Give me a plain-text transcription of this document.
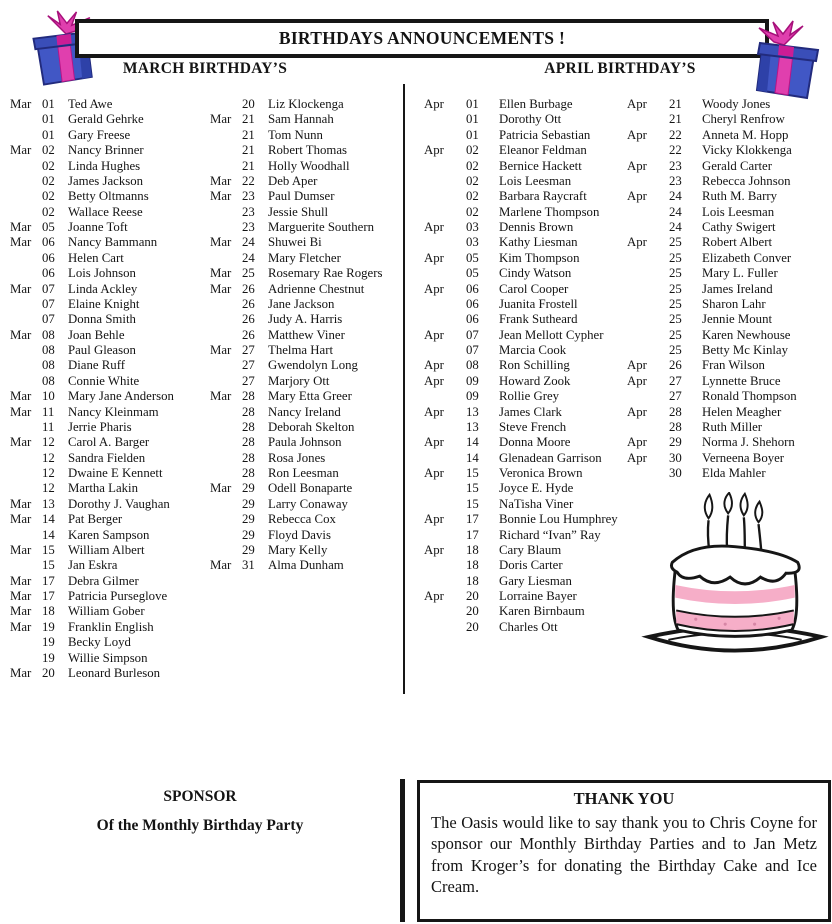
BIRTHDAYS ANNOUNCEMENTS !
MARCH BIRTHDAY’S	APRIL BIRTHDAY’S
Mar 01	Ted Awe
01	Gerald Gehrke
01	Gary Freese
Mar 02	Nancy Brinner
02	Linda Hughes
02	James Jackson
02	Betty Oltmanns
02	Wallace Reese
Mar 05	Joanne Toft
Mar 06	Nancy Bammann
06	Helen Cart
06	Lois Johnson
Mar 07	Linda Ackley
07	Elaine Knight
07	Donna Smith
Mar 08	Joan Behle
08	Paul Gleason
08	Diane Ruff
08	Connie White
Mar 10	Mary Jane Anderson
Mar 11	Nancy Kleinmam
11	Jerrie Pharis
Mar 12	Carol A. Barger
12	Sandra Fielden
12	Dwaine E Kennett
12	Martha Lakin
Mar 13	Dorothy J. Vaughan
Mar 14	Pat Berger
14	Karen Sampson
Mar 15	William Albert
15	Jan Eskra
Mar 17	Debra Gilmer
Mar 17	Patricia Purseglove
Mar 18	William Gober
Mar 19	Franklin English
19	Becky Loyd
19	Willie Simpson
Mar 20	Leonard Burleson
20	Liz Klockenga
Mar 21	Sam Hannah
21	Tom Nunn
21	Robert Thomas
21	Holly Woodhall
Mar 22	Deb Aper
Mar 23	Paul Dumser
23	Jessie Shull
23	Marguerite Southern
Mar 24	Shuwei Bi
24	Mary Fletcher
Mar 25	Rosemary Rae Rogers
Mar 26	Adrienne Chestnut
26	Jane Jackson
26	Judy A. Harris
26	Matthew Viner
Mar 27	Thelma Hart
27	Gwendolyn Long
27	Marjory Ott
Mar 28	Mary Etta Greer
28	Nancy Ireland
28	Deborah Skelton
28	Paula Johnson
28	Rosa Jones
28	Ron Leesman
Mar 29	Odell Bonaparte
29	Larry Conaway
29	Rebecca Cox
29	Floyd Davis
29	Mary Kelly
Mar 31	Alma Dunham
Apr	01	Ellen Burbage
01	Dorothy Ott
01	Patricia Sebastian
Apr	02	Eleanor Feldman
02	Bernice Hackett
02	Lois Leesman
02	Barbara Raycraft
02	Marlene Thompson
Apr	03	Dennis Brown
03	Kathy Liesman
Apr	05	Kim Thompson
05	Cindy Watson
Apr	06	Carol Cooper
06	Juanita Frostell
06	Frank Sutheard
Apr	07	Jean Mellott Cypher
07	Marcia Cook
Apr	08	Ron Schilling
Apr	09	Howard Zook
09	Rollie Grey
Apr	13	James Clark
13	Steve French
Apr	14	Donna Moore
14	Glenadean Garrison
Apr	15	Veronica Brown
15	Joyce E. Hyde
15	NaTisha Viner
Apr	17	Bonnie Lou Humphrey
17	Richard “Ivan” Ray
Apr	18	Cary Blaum
18	Doris Carter
18	Gary Liesman
Apr	20	Lorraine Bayer
20	Karen Birnbaum
20	Charles Ott
Apr	21	Woody Jones
21	Cheryl Renfrow
Apr	22	Anneta M. Hopp
22	Vicky Klokkenga
Apr	23	Gerald Carter
23	Rebecca Johnson
Apr	24	Ruth M. Barry
24	Lois Leesman
24	Cathy Swigert
Apr	25	Robert Albert
25	Elizabeth Conver
25	Mary L. Fuller
25	James Ireland
25	Sharon Lahr
25	Jennie Mount
25	Karen Newhouse
25	Betty Mc Kinlay
Apr	26	Fran Wilson
Apr	27	Lynnette Bruce
27	Ronald Thompson
Apr	28	Helen Meagher
28	Ruth Miller
Apr	29	Norma J. Shehorn
Apr	30	Verneena Boyer
30	Elda Mahler
SPONSOR
Of the Monthly Birthday Party
THANK YOU

The Oasis would like to say thank you to Chris Coyne for sponsor our Monthly Birthday Parties and to Jan Metz from Kroger’s for donating the Birthday Cake and Ice Cream.
